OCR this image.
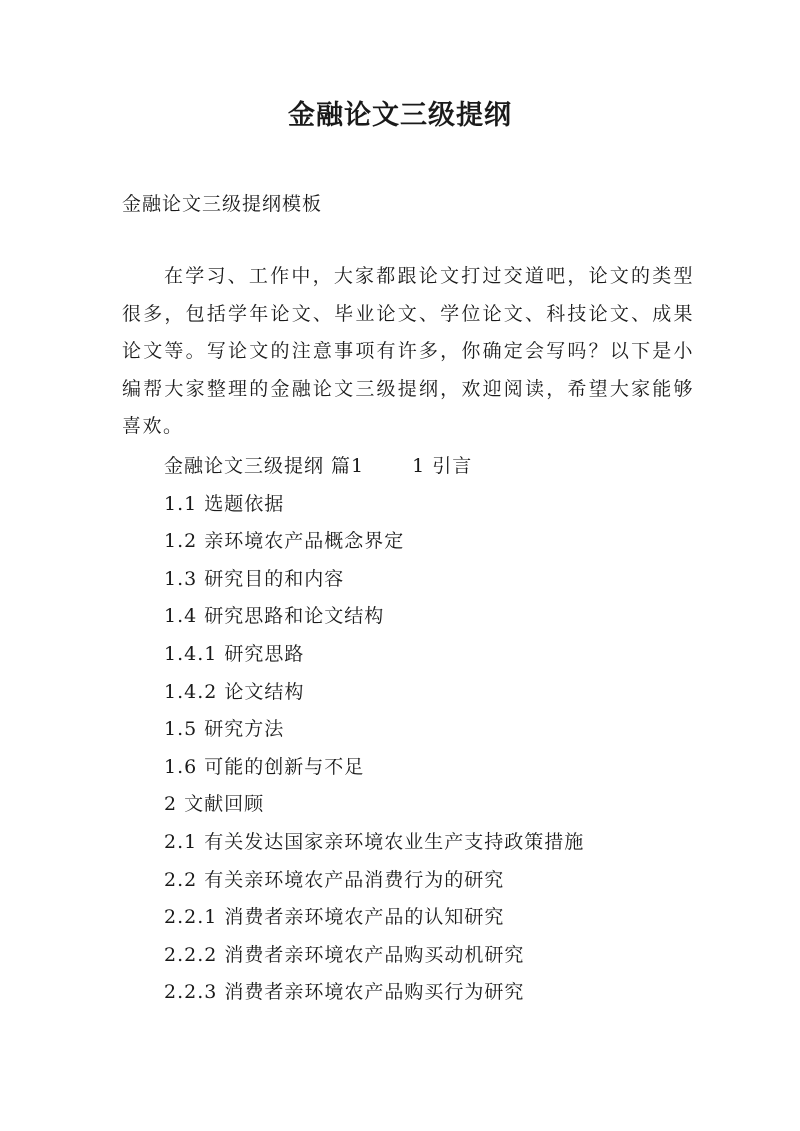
金融论文三级提纲
金融论文三级提纲模板

在学习、工作中，大家都跟论文打过交道吧，论文的类型很多，包括学年论文、毕业论文、学位论文、科技论文、成果论文等。写论文的注意事项有许多，你确定会写吗？以下是小编帮大家整理的金融论文三级提纲，欢迎阅读，希望大家能够喜欢。

金融论文三级提纲 篇1	1 引言
1.1 选题依据
1.2 亲环境农产品概念界定
1.3 研究目的和内容
1.4 研究思路和论文结构
1.4.1 研究思路
1.4.2 论文结构
1.5 研究方法
1.6 可能的创新与不足
2 文献回顾
2.1 有关发达国家亲环境农业生产支持政策措施
2.2 有关亲环境农产品消费行为的研究
2.2.1 消费者亲环境农产品的认知研究
2.2.2 消费者亲环境农产品购买动机研究
2.2.3 消费者亲环境农产品购买行为研究
